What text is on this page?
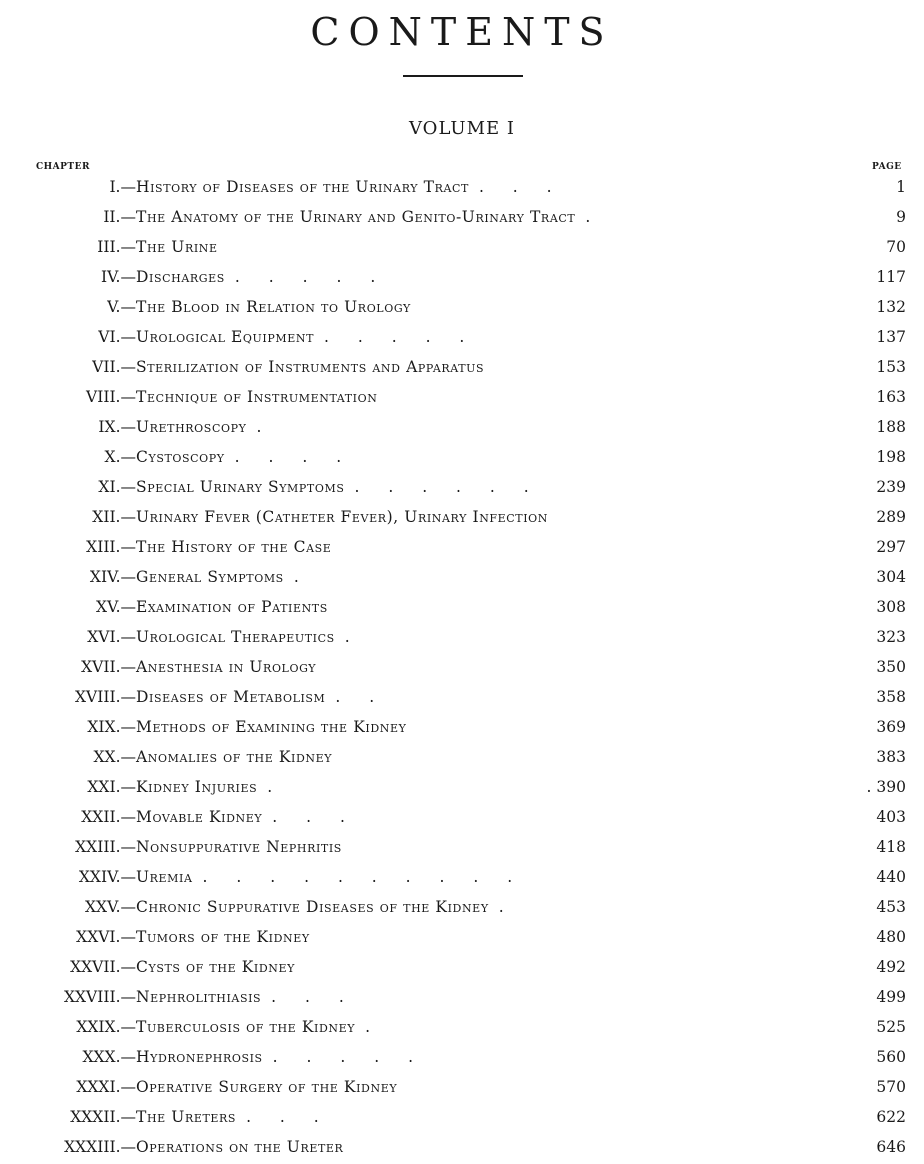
CONTENTS
VOLUME I
CHAPTER	PAGE
I.— History of Diseases of the Urinary Tract . . .	1
II.— The Anatomy of the Urinary and Genito-Urinary Tract .	9
III.— The Urine	70
IV.— Discharges . . . . .	117
V.— The Blood in Relation to Urology	132
VI.— Urological Equipment . . . . .	137
VII.— Sterilization of Instruments and Apparatus	153
VIII.— Technique of Instrumentation	163
IX.— Urethroscopy .	188
X.— Cystoscopy . . . .	198
XI.— Special Urinary Symptoms . . . . . .	239
XII.— Urinary Fever (Catheter Fever), Urinary Infection	289
XIII.— The History of the Case	297
XIV.— General Symptoms .	304
XV.— Examination of Patients	308
XVI.— Urological Therapeutics .	323
XVII.— Anesthesia in Urology	350
XVIII.— Diseases of Metabolism . .	358
XIX.— Methods of Examining the Kidney	369
XX.— Anomalies of the Kidney	383
XXI.— Kidney Injuries .	. 390
XXII.— Movable Kidney . . .	403
XXIII.— Nonsuppurative Nephritis	418
XXIV.— Uremia . . . . . . . . . .	440
XXV.— Chronic Suppurative Diseases of the Kidney .	453
XXVI.— Tumors of the Kidney	480
XXVII.— Cysts of the Kidney	492
XXVIII.— Nephrolithiasis . . .	499
XXIX.— Tuberculosis of the Kidney .	525
XXX.— Hydronephrosis . . . . .	560
XXXI.— Operative Surgery of the Kidney	570
XXXII.— The Ureters . . .	622
XXXIII.— Operations on the Ureter	646
